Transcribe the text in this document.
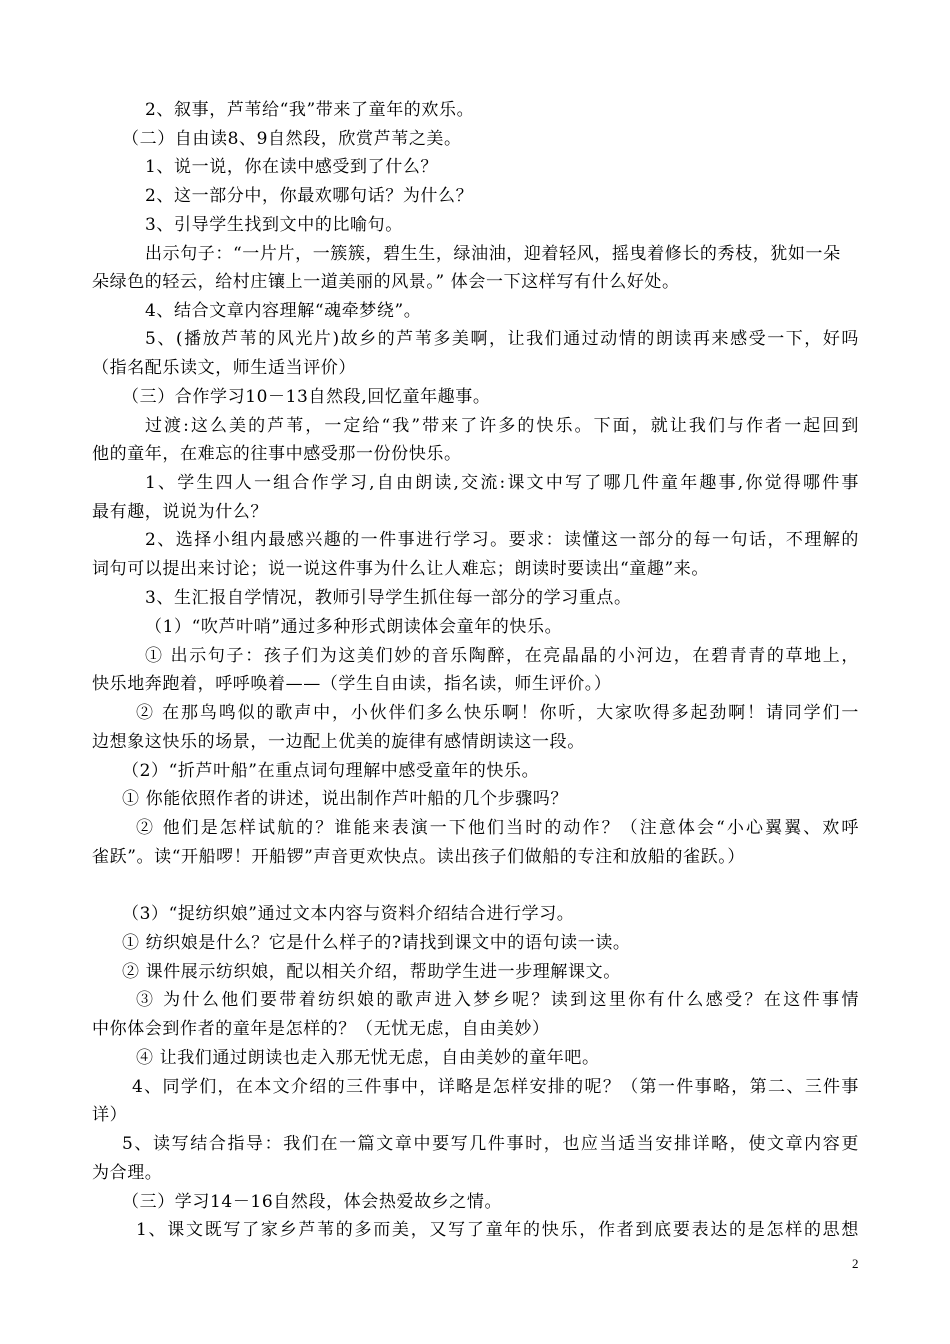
2、叙事，芦苇给“我”带来了童年的欢乐。
（二）自由读8、9自然段，欣赏芦苇之美。
1、说一说，你在读中感受到了什么？
2、这一部分中，你最欢哪句话？为什么？
3、引导学生找到文中的比喻句。
出示句子：“一片片，一簇簇，碧生生，绿油油，迎着轻风，摇曳着修长的秀枝，犹如一朵
朵绿色的轻云，给村庄镶上一道美丽的风景。” 体会一下这样写有什么好处。
4、结合文章内容理解“魂牵梦绕”。
5、(播放芦苇的风光片)故乡的芦苇多美啊，让我们通过动情的朗读再来感受一下，好吗
（指名配乐读文，师生适当评价）
（三）合作学习10－13自然段,回忆童年趣事。
过渡:这么美的芦苇，一定给“我”带来了许多的快乐。下面，就让我们与作者一起回到
他的童年，在难忘的往事中感受那一份份快乐。
1、学生四人一组合作学习,自由朗读,交流:课文中写了哪几件童年趣事,你觉得哪件事
最有趣，说说为什么？
2、选择小组内最感兴趣的一件事进行学习。要求：读懂这一部分的每一句话，不理解的
词句可以提出来讨论；说一说这件事为什么让人难忘；朗读时要读出“童趣”来。
3、生汇报自学情况，教师引导学生抓住每一部分的学习重点。
（1）“吹芦叶哨”通过多种形式朗读体会童年的快乐。
① 出示句子：孩子们为这美们妙的音乐陶醉，在亮晶晶的小河边，在碧青青的草地上，
快乐地奔跑着，呼呼唤着——（学生自由读，指名读，师生评价。）
② 在那鸟鸣似的歌声中，小伙伴们多么快乐啊！你听，大家吹得多起劲啊！请同学们一
边想象这快乐的场景，一边配上优美的旋律有感情朗读这一段。
（2）“折芦叶船”在重点词句理解中感受童年的快乐。
① 你能依照作者的讲述，说出制作芦叶船的几个步骤吗？
② 他们是怎样试航的？谁能来表演一下他们当时的动作？（注意体会“小心翼翼、欢呼
雀跃”。读“开船啰！开船锣”声音更欢快点。读出孩子们做船的专注和放船的雀跃。）
（3）“捉纺织娘”通过文本内容与资料介绍结合进行学习。
① 纺织娘是什么？它是什么样子的?请找到课文中的语句读一读。
② 课件展示纺织娘，配以相关介绍，帮助学生进一步理解课文。
③ 为什么他们要带着纺织娘的歌声进入梦乡呢？读到这里你有什么感受？在这件事情
中你体会到作者的童年是怎样的？（无忧无虑，自由美妙）
④ 让我们通过朗读也走入那无忧无虑，自由美妙的童年吧。
4、同学们，在本文介绍的三件事中，详略是怎样安排的呢？（第一件事略，第二、三件事
详）
5、读写结合指导：我们在一篇文章中要写几件事时，也应当适当安排详略，使文章内容更
为合理。
（三）学习14－16自然段，体会热爱故乡之情。
1、课文既写了家乡芦苇的多而美，又写了童年的快乐，作者到底要表达的是怎样的思想
2
